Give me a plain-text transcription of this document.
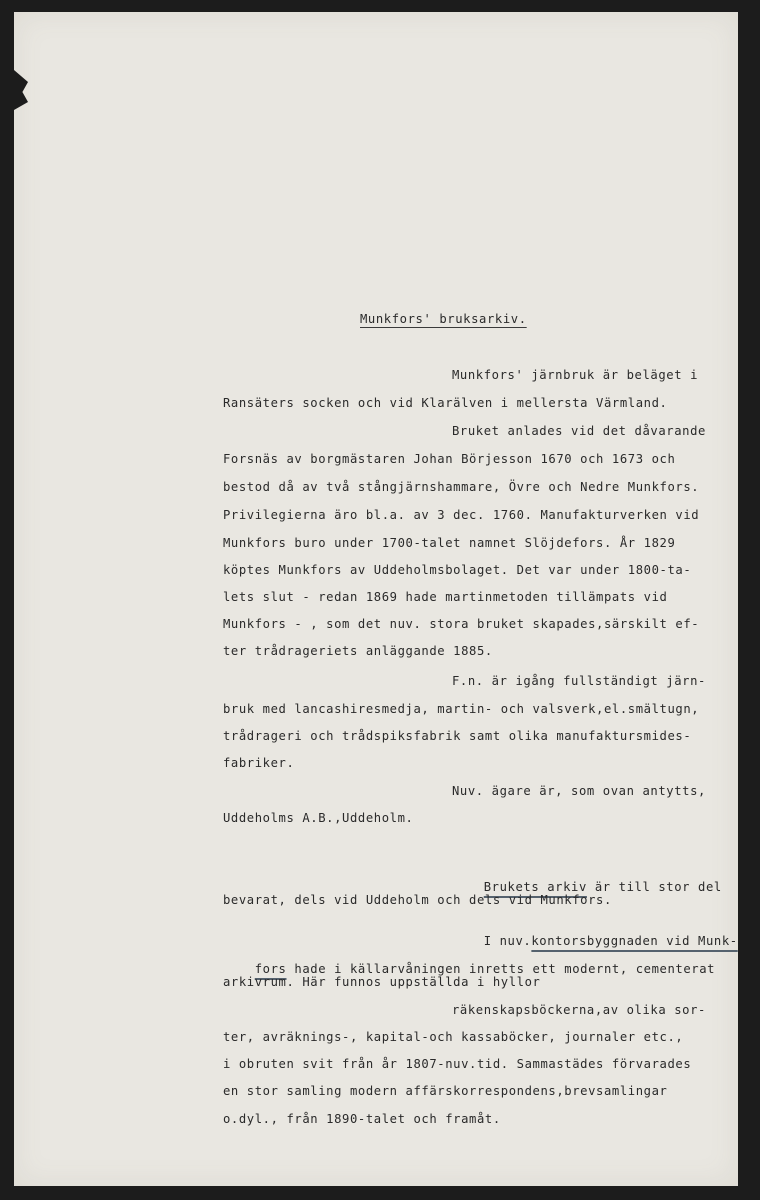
Munkfors' bruksarkiv.
Munkfors' järnbruk är beläget i
Ransäters socken och vid Klarälven i mellersta Värmland.
Bruket anlades vid det dåvarande
Forsnäs av borgmästaren Johan Börjesson 1670 och 1673 och
bestod då av två stångjärnshammare, Övre och Nedre Munkfors.
Privilegierna äro bl.a. av 3 dec. 1760. Manufakturverken vid
Munkfors buro under 1700-talet namnet Slöjdefors. År 1829
köptes Munkfors av Uddeholmsbolaget. Det var under 1800-ta-
lets slut - redan 1869 hade martinmetoden tillämpats vid
Munkfors - , som det nuv. stora bruket skapades,särskilt ef-
ter trådrageriets anläggande 1885.
F.n. är igång fullständigt järn-
bruk med lancashiresmedja, martin- och valsverk,el.smältugn,
trådrageri och trådspiksfabrik samt olika manufaktursmides-
fabriker.
Nuv. ägare är, som ovan antytts,
Uddeholms A.B.,Uddeholm.

Brukets arkiv är till stor del

bevarat, dels vid Uddeholm och dels vid Munkfors.

I nuv.kontorsbyggnaden vid Munk-

fors hade i källarvåningen inretts ett modernt, cementerat

arkivrum. Här funnos uppställda i hyllor
räkenskapsböckerna,av olika sor-
ter, avräknings-, kapital-och kassaböcker, journaler etc.,
i obruten svit från år 1807-nuv.tid. Sammastädes förvarades
en stor samling modern affärskorrespondens,brevsamlingar
o.dyl., från 1890-talet och framåt.
